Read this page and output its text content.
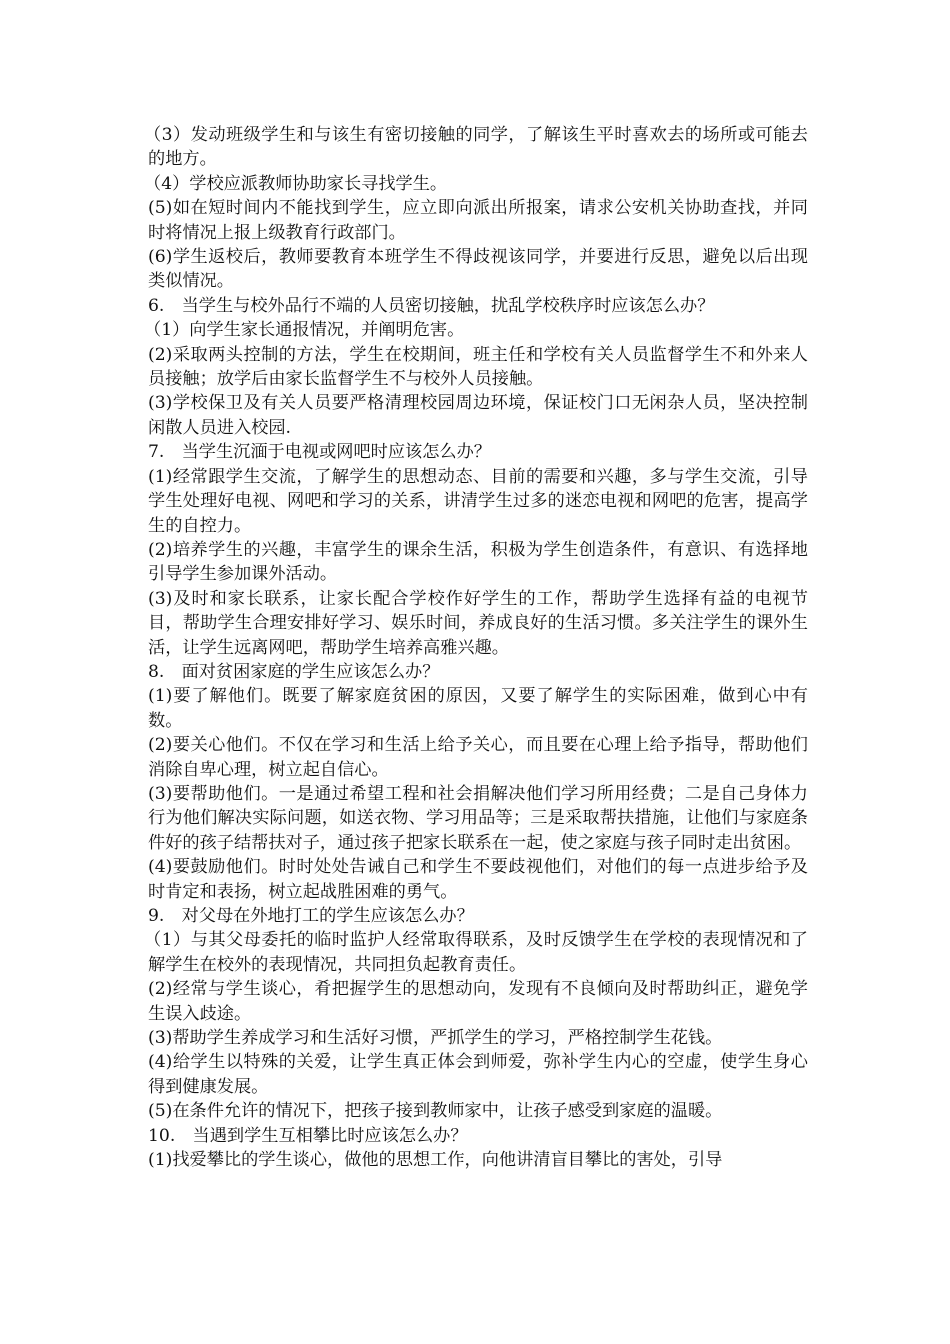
（3）发动班级学生和与该生有密切接触的同学，了解该生平时喜欢去的场所或可能去的地方。

（4）学校应派教师协助家长寻找学生。

(5)如在短时间内不能找到学生，应立即向派出所报案，请求公安机关协助查找，并同时将情况上报上级教育行政部门。

(6)学生返校后，教师要教育本班学生不得歧视该同学，并要进行反思，避免以后出现类似情况。

6.　当学生与校外品行不端的人员密切接触，扰乱学校秩序时应该怎么办？

（1）向学生家长通报情况，并阐明危害。

(2)采取两头控制的方法，学生在校期间，班主任和学校有关人员监督学生不和外来人员接触；放学后由家长监督学生不与校外人员接触。

(3)学校保卫及有关人员要严格清理校园周边环境，保证校门口无闲杂人员，坚决控制闲散人员进入校园.

7.　当学生沉湎于电视或网吧时应该怎么办？

(1)经常跟学生交流，了解学生的思想动态、目前的需要和兴趣，多与学生交流，引导学生处理好电视、网吧和学习的关系，讲清学生过多的迷恋电视和网吧的危害，提高学生的自控力。

(2)培养学生的兴趣，丰富学生的课余生活，积极为学生创造条件，有意识、有选择地引导学生参加课外活动。

(3)及时和家长联系，让家长配合学校作好学生的工作，帮助学生选择有益的电视节目，帮助学生合理安排好学习、娱乐时间，养成良好的生活习惯。多关注学生的课外生活，让学生远离网吧，帮助学生培养高雅兴趣。

8.　面对贫困家庭的学生应该怎么办？

(1)要了解他们。既要了解家庭贫困的原因，又要了解学生的实际困难，做到心中有数。

(2)要关心他们。不仅在学习和生活上给予关心，而且要在心理上给予指导，帮助他们消除自卑心理，树立起自信心。

(3)要帮助他们。一是通过希望工程和社会捐解决他们学习所用经费；二是自己身体力行为他们解决实际问题，如送衣物、学习用品等；三是采取帮扶措施，让他们与家庭条件好的孩子结帮扶对子，通过孩子把家长联系在一起，使之家庭与孩子同时走出贫困。

(4)要鼓励他们。时时处处告诫自己和学生不要歧视他们，对他们的每一点进步给予及时肯定和表扬，树立起战胜困难的勇气。

9.　对父母在外地打工的学生应该怎么办？

（1）与其父母委托的临时监护人经常取得联系，及时反馈学生在学校的表现情况和了解学生在校外的表现情况，共同担负起教育责任。

(2)经常与学生谈心，肴把握学生的思想动向，发现有不良倾向及时帮助纠正，避免学生误入歧途。

(3)帮助学生养成学习和生活好习惯，严抓学生的学习，严格控制学生花钱。

(4)给学生以特殊的关爱，让学生真正体会到师爱，弥补学生内心的空虚，使学生身心得到健康发展。

(5)在条件允许的情况下，把孩子接到教师家中，让孩子感受到家庭的温暖。

10.　当遇到学生互相攀比时应该怎么办？

(1)找爱攀比的学生谈心，做他的思想工作，向他讲清盲目攀比的害处，引导
